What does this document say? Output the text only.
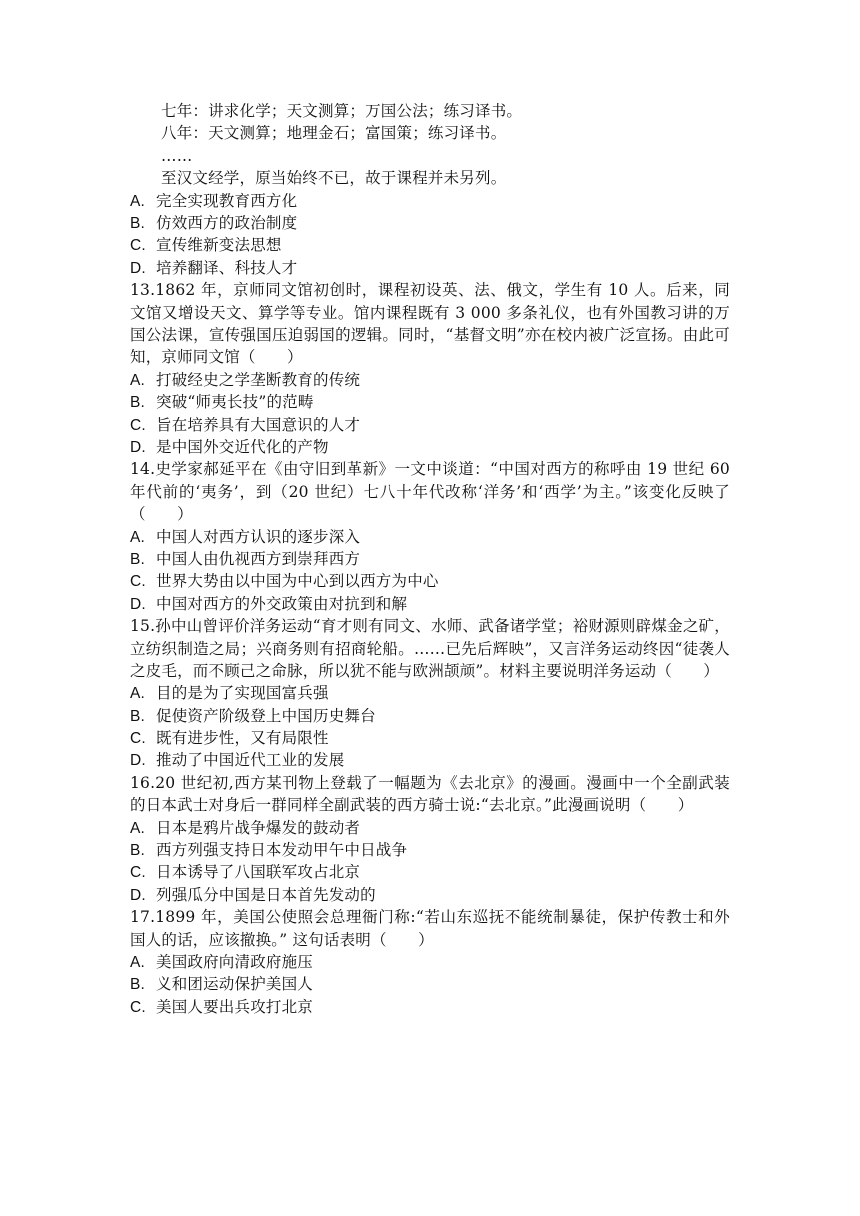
七年：讲求化学；天文测算；万国公法；练习译书。
八年：天文测算；地理金石；富国策；练习译书。
……
至汉文经学，原当始终不已，故于课程并未另列。
A. 完全实现教育西方化
B. 仿效西方的政治制度
C. 宣传维新变法思想
D. 培养翻译、科技人才
13.1862 年，京师同文馆初创时，课程初设英、法、俄文，学生有 10 人。后来，同文馆又增设天文、算学等专业。馆内课程既有 3 000 多条礼仪，也有外国教习讲的万国公法课，宣传强国压迫弱国的逻辑。同时，“基督文明”亦在校内被广泛宣扬。由此可知，京师同文馆（　　）
A. 打破经史之学垄断教育的传统
B. 突破“师夷长技”的范畴
C. 旨在培养具有大国意识的人才
D. 是中国外交近代化的产物
14.史学家郝延平在《由守旧到革新》一文中谈道：“中国对西方的称呼由 19 世纪 60 年代前的‘夷务’，到（20 世纪）七八十年代改称‘洋务’和‘西学’为主。”该变化反映了（　　）
A. 中国人对西方认识的逐步深入
B. 中国人由仇视西方到崇拜西方
C. 世界大势由以中国为中心到以西方为中心
D. 中国对西方的外交政策由对抗到和解
15.孙中山曾评价洋务运动“育才则有同文、水师、武备诸学堂；裕财源则辟煤金之矿，立纺织制造之局；兴商务则有招商轮船。……已先后辉映”，又言洋务运动终因“徒袭人之皮毛，而不顾己之命脉，所以犹不能与欧洲颉颃”。材料主要说明洋务运动（　　）
A. 目的是为了实现国富兵强
B. 促使资产阶级登上中国历史舞台
C. 既有进步性，又有局限性
D. 推动了中国近代工业的发展
16.20 世纪初,西方某刊物上登载了一幅题为《去北京》的漫画。漫画中一个全副武装的日本武士对身后一群同样全副武装的西方骑士说:“去北京。”此漫画说明（　　）
A. 日本是鸦片战争爆发的鼓动者
B. 西方列强支持日本发动甲午中日战争
C. 日本诱导了八国联军攻占北京
D. 列强瓜分中国是日本首先发动的
17.1899 年，美国公使照会总理衙门称:“若山东巡抚不能统制暴徒，保护传教士和外国人的话，应该撤换。” 这句话表明（　　）
A. 美国政府向清政府施压
B. 义和团运动保护美国人
C. 美国人要出兵攻打北京
